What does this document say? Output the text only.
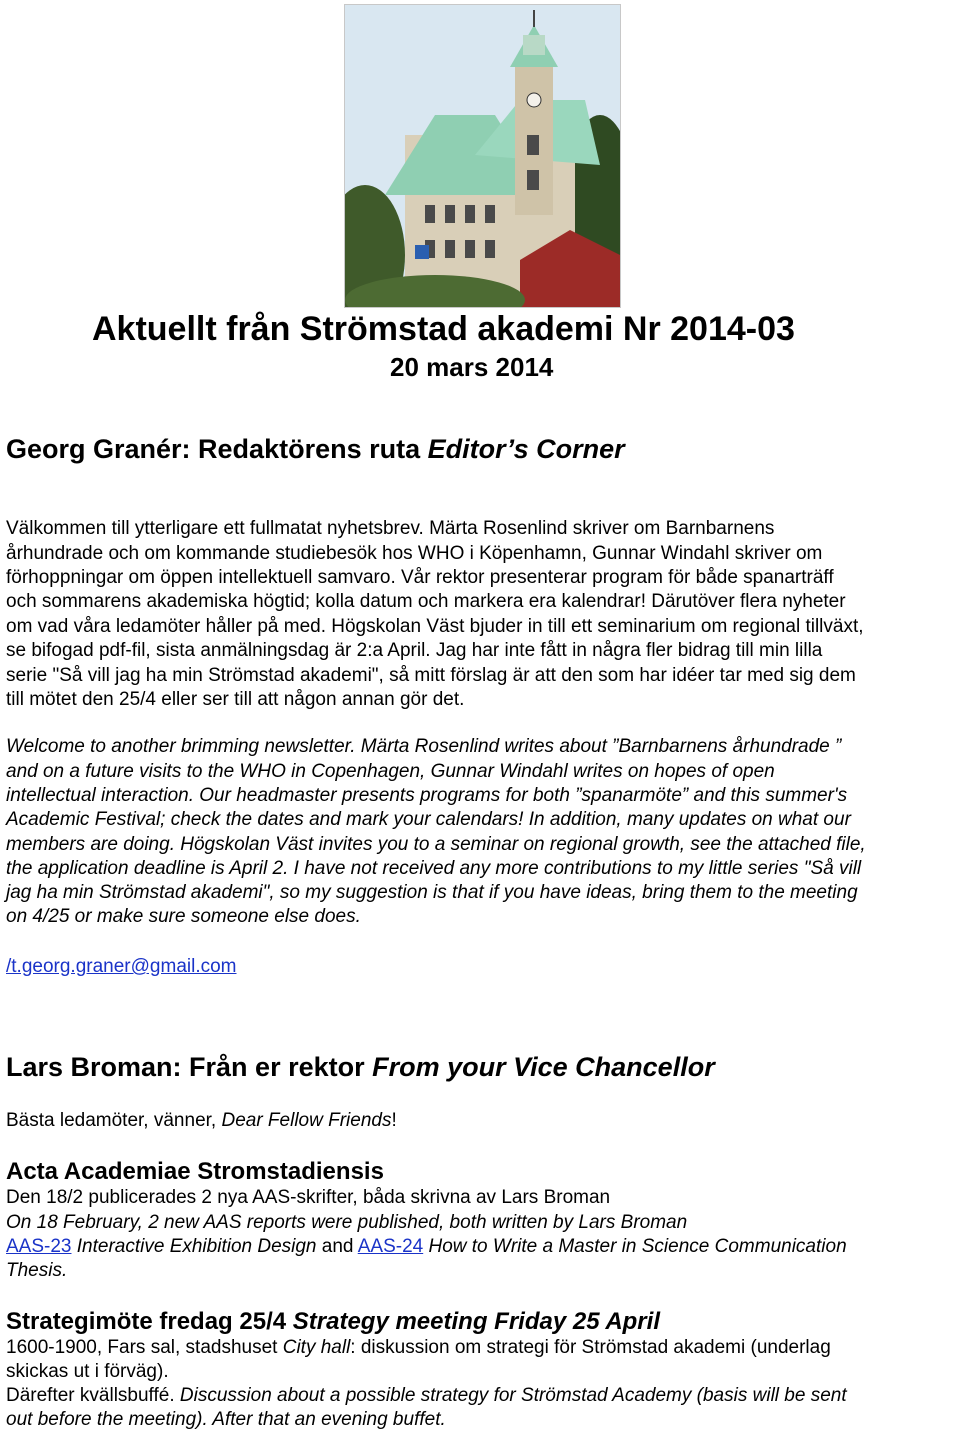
Aktuellt från Strömstad akademi Nr 2014-03
20 mars 2014
Georg Granér: Redaktörens ruta Editor’s Corner
Välkommen till ytterligare ett fullmatat nyhetsbrev. Märta Rosenlind skriver om Barnbarnens
århundrade och om kommande studiebesök hos WHO i Köpenhamn, Gunnar Windahl skriver om
förhoppningar om öppen intellektuell samvaro. Vår rektor presenterar program för både spanarträff
och sommarens akademiska högtid; kolla datum och markera era kalendrar! Därutöver flera nyheter
om vad våra ledamöter håller på med. Högskolan Väst bjuder in till ett seminarium om regional tillväxt,
se bifogad pdf-fil, sista anmälningsdag är 2:a April. Jag har inte fått in några fler bidrag till min lilla
serie "Så vill jag ha min Strömstad akademi", så mitt förslag är att den som har idéer tar med sig dem
till mötet den 25/4 eller ser till att någon annan gör det.
Welcome to another brimming newsletter. Märta Rosenlind writes about ”Barnbarnens århundrade ”
and on a future visits to the WHO in Copenhagen, Gunnar Windahl writes on hopes of open
intellectual interaction. Our headmaster presents programs for both ”spanarmöte” and this summer's
Academic Festival; check the dates and mark your calendars! In addition, many updates on what our
members are doing. Högskolan Väst invites you to a seminar on regional growth, see the attached file,
the application deadline is April 2. I have not received any more contributions to my little series "Så vill
jag ha min Strömstad akademi", so my suggestion is that if you have ideas, bring them to the meeting
on 4/25 or make sure someone else does.
/t.georg.graner@gmail.com
Lars Broman: Från er rektor From your Vice Chancellor
Bästa ledamöter, vänner, Dear Fellow Friends!
Acta Academiae Stromstadiensis
Den 18/2 publicerades 2 nya AAS-skrifter, båda skrivna av Lars Broman
On 18 February, 2 new AAS reports were published, both written by Lars Broman
AAS-23 Interactive Exhibition Design and AAS-24 How to Write a Master in Science Communication
Thesis.
Strategimöte fredag 25/4 Strategy meeting Friday 25 April
1600-1900, Fars sal, stadshuset City hall: diskussion om strategi för Strömstad akademi (underlag
skickas ut i förväg).
Därefter kvällsbuffé. Discussion about a possible strategy for Strömstad Academy (basis will be sent
out before the meeting). After that an evening buffet.
